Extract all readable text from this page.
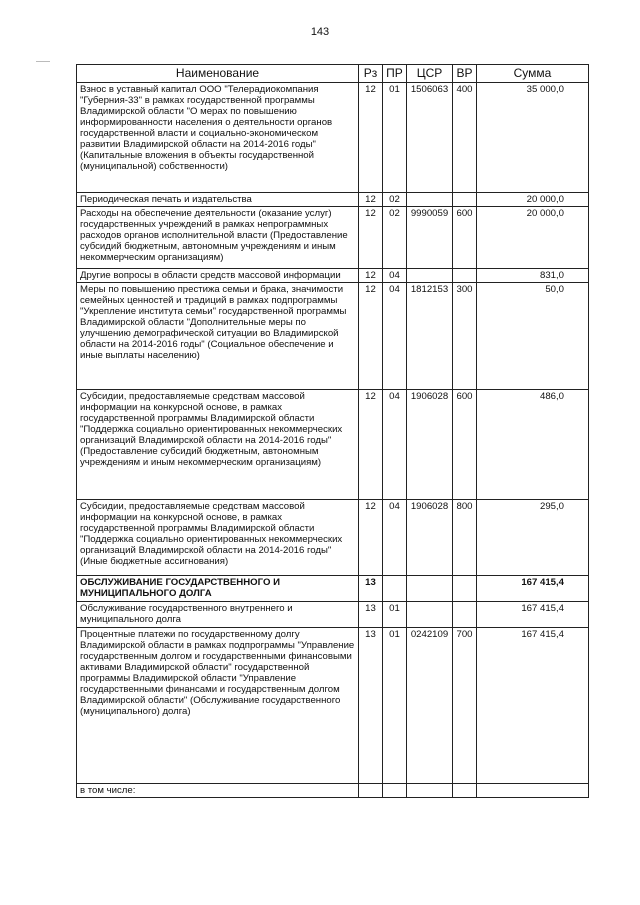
143
Наименование	Рз	ПР	ЦСР	ВР	Сумма
Взнос в уставный капитал ООО "Телерадиокомпания "Губерния-33" в рамках государственной программы Владимирской области "О мерах по повышению информированности населения о деятельности органов государственной власти и социально-экономическом развитии Владимирской области на 2014-2016 годы" (Капитальные вложения в объекты государственной (муниципальной) собственности)	12	01	1506063	400	35 000,0
Периодическая печать и издательства	12	02			20 000,0
Расходы на обеспечение деятельности (оказание услуг) государственных учреждений в рамках непрограммных расходов органов исполнительной власти (Предоставление субсидий бюджетным, автономным учреждениям и иным некоммерческим организациям)	12	02	9990059	600	20 000,0
Другие вопросы в области средств массовой информации	12	04			831,0
Меры по повышению престижа семьи и брака, значимости семейных ценностей и традиций в рамках подпрограммы "Укрепление института семьи" государственной программы Владимирской области "Дополнительные меры по улучшению демографической ситуации во Владимирской области на 2014-2016 годы" (Социальное обеспечение и иные выплаты населению)	12	04	1812153	300	50,0
Субсидии, предоставляемые средствам массовой информации на конкурсной основе, в рамках государственной программы Владимирской области "Поддержка социально ориентированных некоммерческих организаций Владимирской области на 2014-2016 годы" (Предоставление субсидий бюджетным, автономным учреждениям и иным некоммерческим организациям)	12	04	1906028	600	486,0
Субсидии, предоставляемые средствам массовой информации на конкурсной основе, в рамках государственной программы Владимирской области "Поддержка социально ориентированных некоммерческих организаций Владимирской области на 2014-2016 годы" (Иные бюджетные ассигнования)	12	04	1906028	800	295,0
ОБСЛУЖИВАНИЕ ГОСУДАРСТВЕННОГО И МУНИЦИПАЛЬНОГО ДОЛГА	13				167 415,4
Обслуживание государственного внутреннего и муниципального долга	13	01			167 415,4
Процентные платежи по государственному долгу Владимирской области в рамках подпрограммы "Управление государственным долгом и государственными финансовыми активами Владимирской области" государственной программы Владимирской области "Управление государственными финансами и государственным долгом Владимирской области" (Обслуживание государственного (муниципального) долга)	13	01	0242109	700	167 415,4
в том числе:					
